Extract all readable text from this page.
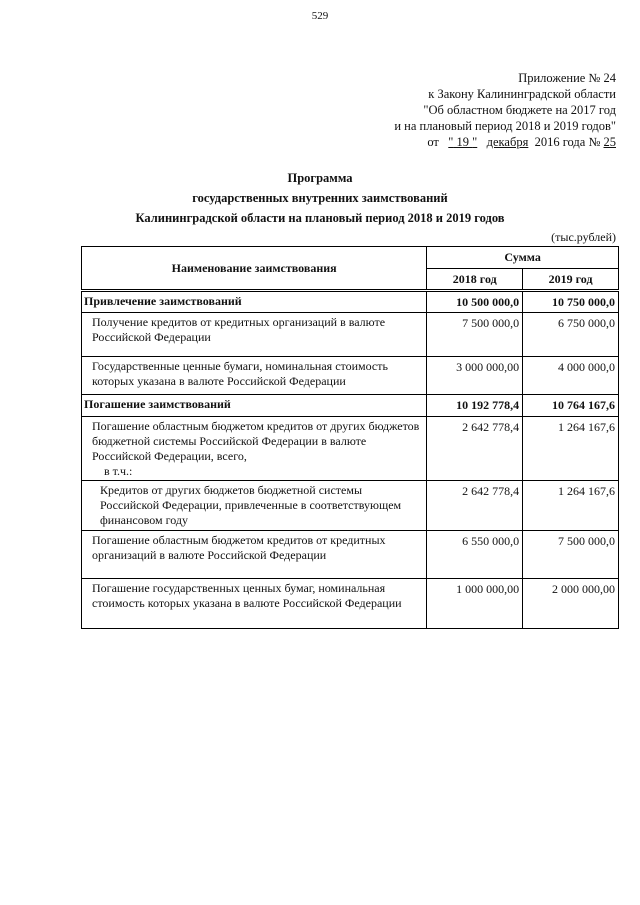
529
Приложение № 24
к Закону Калининградской области
"Об областном бюджете на 2017 год
и на плановый период 2018 и 2019 годов"
от " 19 " декабря 2016 года № 25
Программа
государственных внутренних заимствований
Калининградской области на плановый период 2018 и 2019 годов
(тыс.рублей)
Наименование заимствования	Сумма	
	2018 год	2019 год
Привлечение заимствований	10 500 000,0	10 750 000,0
Получение кредитов от кредитных организаций в валюте Российской Федерации	7 500 000,0	6 750 000,0
Государственные ценные бумаги, номинальная стоимость которых указана в валюте Российской Федерации	3 000 000,00	4 000 000,0
Погашение заимствований	10 192 778,4	10 764 167,6
Погашение областным бюджетом кредитов от других бюджетов бюджетной системы Российской Федерации в валюте Российской Федерации, всего,
в т.ч.:	2 642 778,4	1 264 167,6
Кредитов от других бюджетов бюджетной системы Российской Федерации, привлеченные в соответствующем финансовом году	2 642 778,4	1 264 167,6
Погашение областным бюджетом кредитов от кредитных организаций в валюте Российской Федерации	6 550 000,0	7 500 000,0
Погашение государственных ценных бумаг, номинальная стоимость которых указана в валюте Российской Федерации	1 000 000,00	2 000 000,00
